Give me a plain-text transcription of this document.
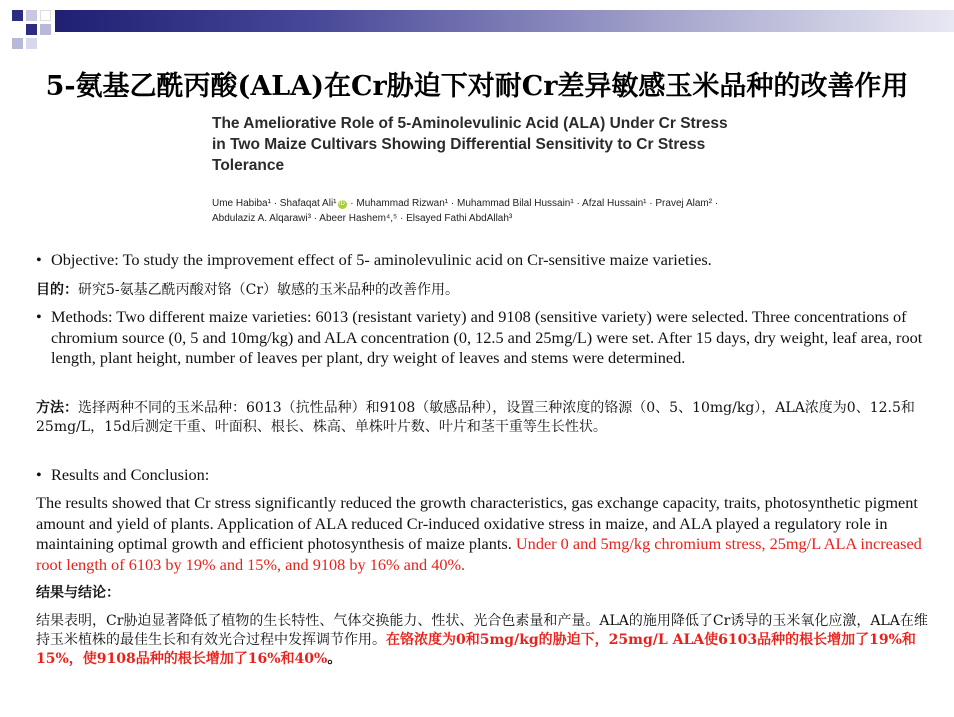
5-氨基乙酰丙酸(ALA)在Cr胁迫下对耐Cr差异敏感玉米品种的改善作用
The Ameliorative Role of 5-Aminolevulinic Acid (ALA) Under Cr Stress
in Two Maize Cultivars Showing Differential Sensitivity to Cr Stress
Tolerance
Ume Habiba¹ · Shafaqat Ali¹ iD · Muhammad Rizwan¹ · Muhammad Bilal Hussain¹ · Afzal Hussain¹ · Pravej Alam² ·
Abdulaziz A. Alqarawi³ · Abeer Hashem⁴,⁵ · Elsayed Fathi AbdAllah³
• Objective: To study the improvement effect of 5- aminolevulinic acid on Cr-sensitive maize varieties.
目的：研究5-氨基乙酰丙酸对铬（Cr）敏感的玉米品种的改善作用。
• Methods: Two different maize varieties: 6013 (resistant variety) and 9108 (sensitive variety) were selected. Three concentrations of chromium source (0, 5 and 10mg/kg) and ALA concentration (0, 12.5 and 25mg/L) were set. After 15 days, dry weight, leaf area, root length, plant height, number of leaves per plant, dry weight of leaves and stems were determined.
方法：选择两种不同的玉米品种：6013（抗性品种）和9108（敏感品种），设置三种浓度的铬源（0、5、10mg/kg），ALA浓度为0、12.5和25mg/L，15d后测定干重、叶面积、根长、株高、单株叶片数、叶片和茎干重等生长性状。
• Results and Conclusion:
The results showed that Cr stress significantly reduced the growth characteristics, gas exchange capacity, traits, photosynthetic pigment amount and yield of plants. Application of ALA reduced Cr-induced oxidative stress in maize, and ALA played a regulatory role in maintaining optimal growth and efficient photosynthesis of maize plants. Under 0 and 5mg/kg chromium stress, 25mg/L ALA increased root length of 6103 by 19% and 15%, and 9108 by 16% and 40%.
结果与结论：
结果表明，Cr胁迫显著降低了植物的生长特性、气体交换能力、性状、光合色素量和产量。ALA的施用降低了Cr诱导的玉米氧化应激，ALA在维持玉米植株的最佳生长和有效光合过程中发挥调节作用。在铬浓度为0和5mg/kg的胁迫下，25mg/L ALA使6103品种的根长增加了19%和15%，使9108品种的根长增加了16%和40%。
